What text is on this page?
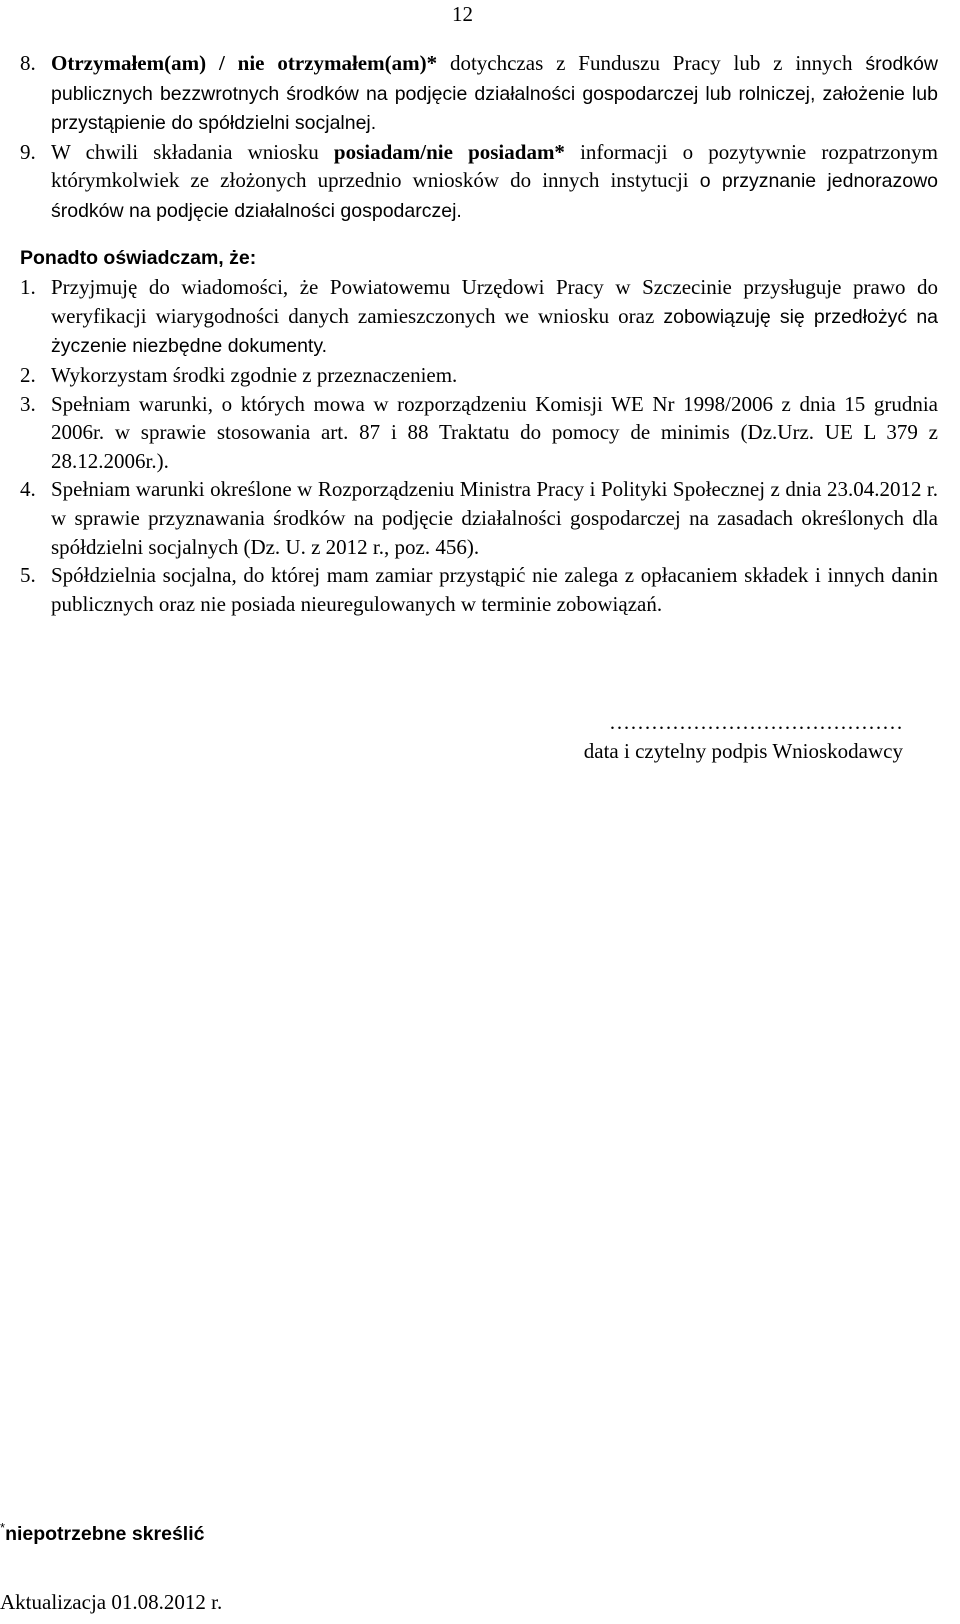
12
8. Otrzymałem(am) / nie otrzymałem(am)* dotychczas z Funduszu Pracy lub z innych środków publicznych bezzwrotnych środków na podjęcie działalności gospodarczej lub rolniczej, założenie lub przystąpienie do spółdzielni socjalnej.
9. W chwili składania wniosku posiadam/nie posiadam* informacji o pozytywnie rozpatrzonym którymkolwiek ze złożonych uprzednio wniosków do innych instytucji o przyznanie jednorazowo środków na podjęcie działalności gospodarczej.
Ponadto oświadczam, że:
1. Przyjmuję do wiadomości, że Powiatowemu Urzędowi Pracy w Szczecinie przysługuje prawo do weryfikacji wiarygodności danych zamieszczonych we wniosku oraz zobowiązuję się przedłożyć na życzenie niezbędne dokumenty.
2. Wykorzystam środki zgodnie z przeznaczeniem.
3. Spełniam warunki, o których mowa w rozporządzeniu Komisji WE Nr 1998/2006 z dnia 15 grudnia 2006r. w sprawie stosowania art. 87 i 88 Traktatu do pomocy de minimis (Dz.Urz. UE L 379 z 28.12.2006r.).
4. Spełniam warunki określone w Rozporządzeniu Ministra Pracy i Polityki Społecznej z dnia 23.04.2012 r. w sprawie przyznawania środków na podjęcie działalności gospodarczej na zasadach określonych dla spółdzielni socjalnych (Dz. U. z 2012 r., poz. 456).
5. Spółdzielnia socjalna, do której mam zamiar przystąpić nie zalega z opłacaniem składek i innych danin publicznych oraz nie posiada nieuregulowanych w terminie zobowiązań.
……………………………………
data i czytelny podpis Wnioskodawcy
*niepotrzebne skreślić
Aktualizacja 01.08.2012 r.
